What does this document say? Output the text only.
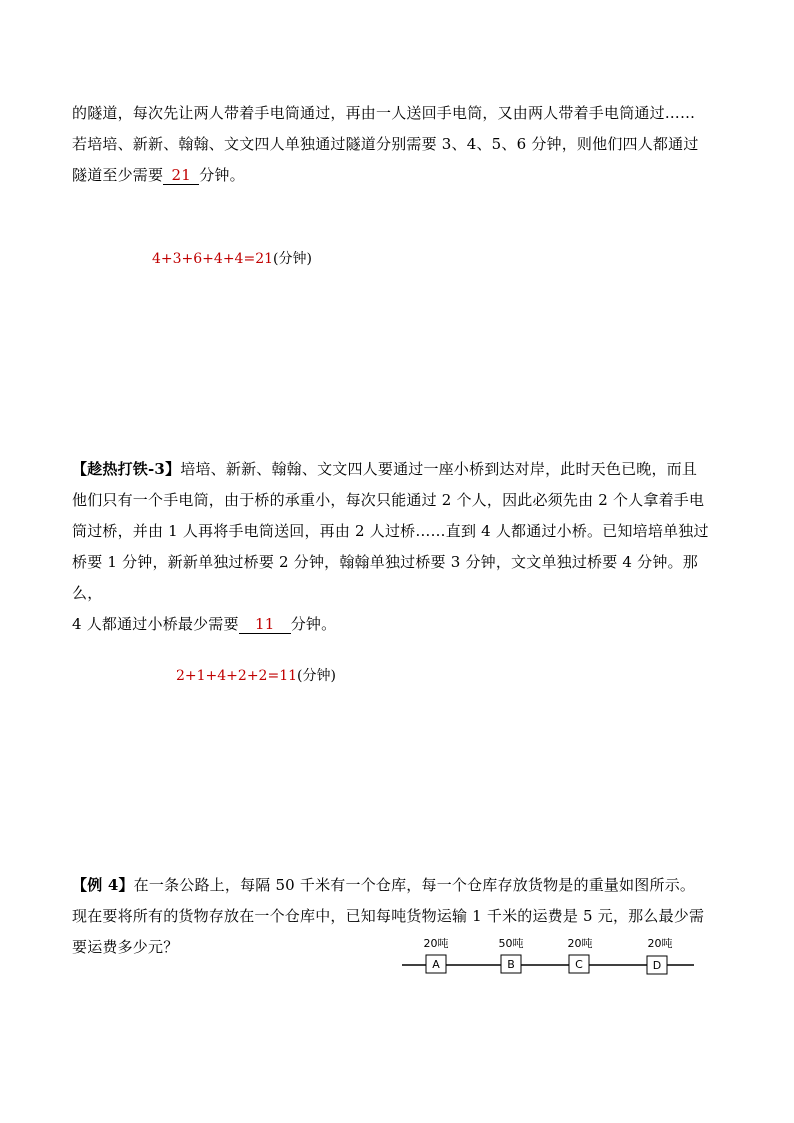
的隧道，每次先让两人带着手电筒通过，再由一人送回手电筒，又由两人带着手电筒通过……
若培培、新新、翰翰、文文四人单独通过隧道分别需要 3、4、5、6 分钟，则他们四人都通过
隧道至少需要 21 分钟。
4+3+6+4+4=21(分钟)
【趁热打铁-3】培培、新新、翰翰、文文四人要通过一座小桥到达对岸，此时天色已晚，而且
他们只有一个手电筒，由于桥的承重小，每次只能通过 2 个人，因此必须先由 2 个人拿着手电
筒过桥，并由 1 人再将手电筒送回，再由 2 人过桥……直到 4 人都通过小桥。已知培培单独过
桥要 1 分钟，新新单独过桥要 2 分钟，翰翰单独过桥要 3 分钟，文文单独过桥要 4 分钟。那么，
4 人都通过小桥最少需要 11 分钟。
2+1+4+2+2=11(分钟)
【例 4】在一条公路上，每隔 50 千米有一个仓库，每一个仓库存放货物是的重量如图所示。
现在要将所有的货物存放在一个仓库中，已知每吨货物运输 1 千米的运费是 5 元，那么最少需
要运费多少元？	20吨
A
50吨
B
20吨
C
20吨
D
